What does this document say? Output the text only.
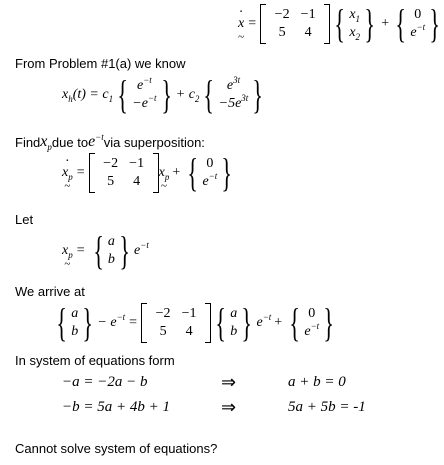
· x ~ =
−2 −1
5 4 { $x_1$
$x_2$ } + { 0
$e^{-t}$ }
From Problem #1(a) we know
$x_h$ (t) = c 1 { $e^{-t}$
$-e^{-t}$ } + c 2 { $e^{3t}$
$-5e^{3t}$ }
Find $x_p$ due to $e^{-t}$ via superposition:
· $x_p$ ~ =
−2 −1
5 4
$x_p$ ~ + { 0
$e^{-t}$ }
Let
$x_p$ ~ = { a
b } $e^{-t}$
We arrive at
{ a
b } − e −t =
−2 −1
5 4 { a
b } $e^{-t}$ + { 0
$e^{-t}$ }
In system of equations form
−a = −2a − b	⇒	a + b = 0
−b = 5a + 4b + 1	⇒	5a + 5b = -1
Cannot solve system of equations?
